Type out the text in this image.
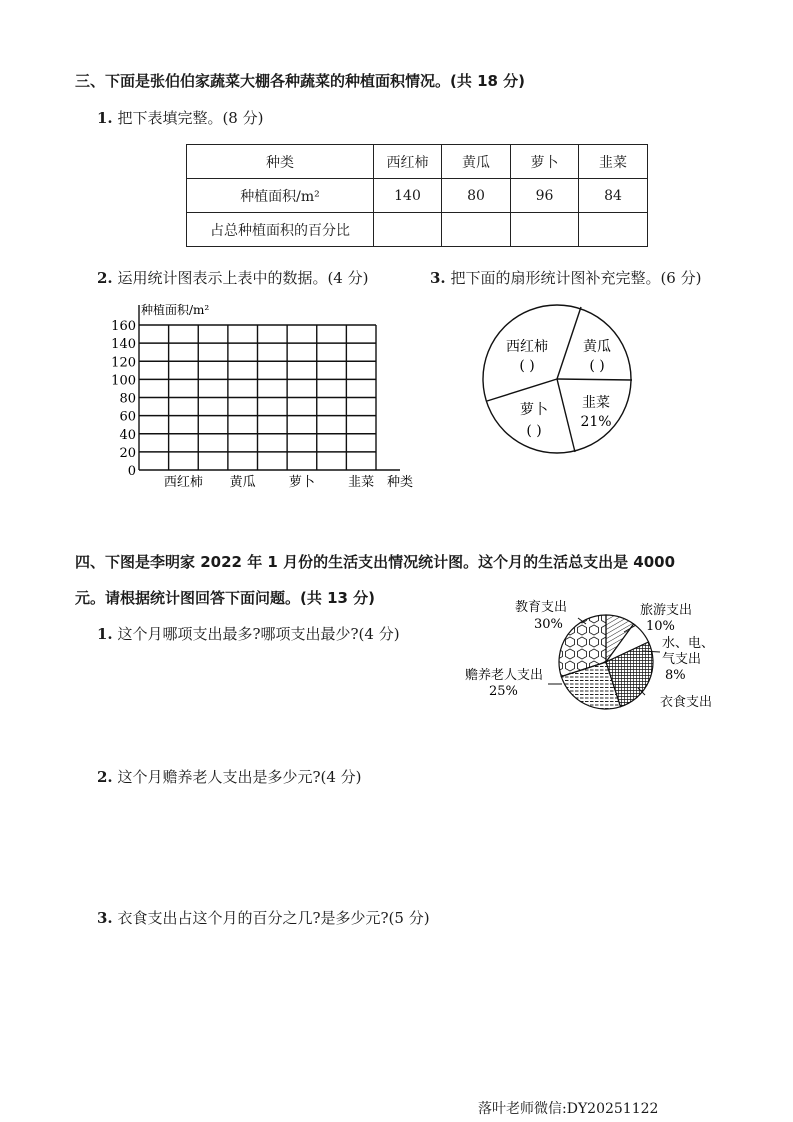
三、下面是张伯伯家蔬菜大棚各种蔬菜的种植面积情况。(共 18 分)
1. 把下表填完整。(8 分)
种类	西红柿	黄瓜	萝卜	韭菜
种植面积/m²	140	80	96	84
占总种植面积的百分比				
2. 运用统计图表示上表中的数据。(4 分)	3. 把下面的扇形统计图补充完整。(6 分)
四、下图是李明家 2022 年 1 月份的生活支出情况统计图。这个月的生活总支出是 4000
元。请根据统计图回答下面问题。(共 13 分)
1. 这个月哪项支出最多?哪项支出最少?(4 分)
2. 这个月赡养老人支出是多少元?(4 分)
3. 衣食支出占这个月的百分之几?是多少元?(5 分)
落叶老师微信:DY20251122
0
20
40
60
80
100
120
140
160
种植面积/m²
种类
西红柿 黄瓜	萝卜	韭菜
西红柿
( )
黄瓜
( )
萝卜
( )
韭菜
21%
教育支出
30%
旅游支出
10%
水、电、
气支出
8%
衣食支出
赡养老人支出
25%
